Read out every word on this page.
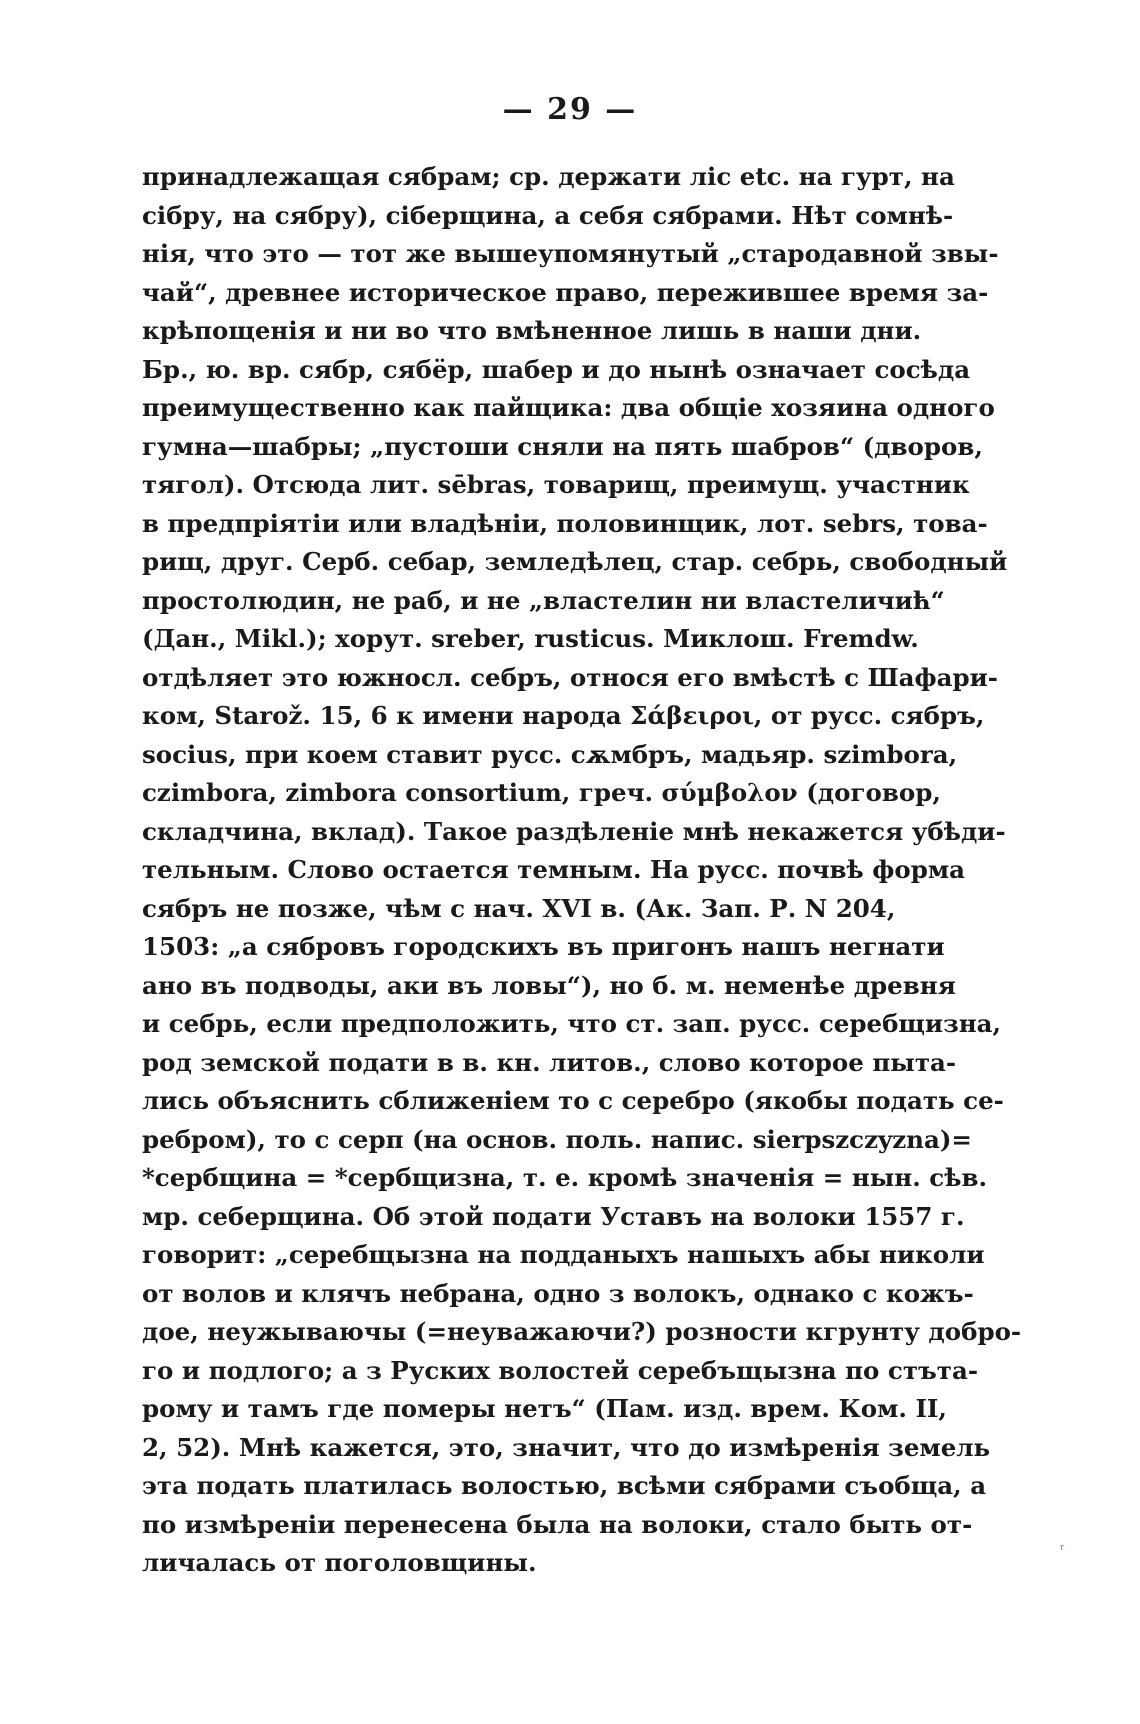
— 29 —
принадлежащая сябрам; ср. держати ліс etc. на гурт, на
сібру, на сябру), сіберщина, а себя сябрами. Нѣт сомнѣ-
нія, что это — тот же вышеупомянутый „стародавной звы-
чай“, древнее историческое право, пережившее время за-
крѣпощенія и ни во что вмѣненное лишь в наши дни.
Бр., ю. вр. сябр, сябёр, шабер и до нынѣ означает сосѣда
преимущественно как пайщика: два общіе хозяина одного
гумна—шабры; „пустоши сняли на пять шабров“ (дворов,
тягол). Отсюда лит. sēbras, товарищ, преимущ. участник
в предпріятіи или владѣніи, половинщик, лот. sebrs, това-
рищ, друг. Серб. себар, земледѣлец, стар. себрь, свободный
простолюдин, не раб, и не „властелин ни властеличић“
(Дан., Mikl.); хорут. sreber, rusticus. Миклош. Fremdw.
отдѣляет это южносл. себръ, относя его вмѣстѣ с Шафари-
ком, Starož. 15, 6 к имени народа Σάβειροι, от русс. сябръ,
socius, при коем ставит русс. сѫмбръ, мадьяр. szimbora,
czimbora, zimbora consortium, греч. σύμβολον (договор,
складчина, вклад). Такое раздѣленіе мнѣ некажется убѣди-
тельным. Слово остается темным. На русс. почвѣ форма
сябръ не позже, чѣм с нач. XVI в. (Ак. Зап. Р. N 204,
1503: „а сябровъ городскихъ въ пригонъ нашъ негнати
ано въ подводы, аки въ ловы“), но б. м. неменѣе древня
и себрь, если предположить, что ст. зап. русс. серебщизна,
род земской подати в в. кн. литов., слово которое пыта-
лись объяснить сближеніем то с серебро (якобы подать се-
ребром), то с серп (на основ. поль. напис. sierpszczyzna)=
*сербщина = *сербщизна, т. е. кромѣ значенія = нын. сѣв.
мр. себерщина. Об этой подати Уставъ на волоки 1557 г.
говорит: „серебщызна на подданыхъ нашыхъ абы николи
от волов и клячъ небрана, одно з волокъ, однако с кожъ-
дое, неужываючы (=неуважаючи?) розности кгрунту добро-
го и подлого; а з Руских волостей серебъщызна по стъта-
рому и тамъ где померы нетъ“ (Пам. изд. врем. Ком. II,
2, 52). Мнѣ кажется, это, значит, что до измѣренія земель
эта подать платилась волостью, всѣми сябрами съобща, а
по измѣреніи перенесена была на волоки, стало быть от-
личалась от поголовщины.	ʳ
